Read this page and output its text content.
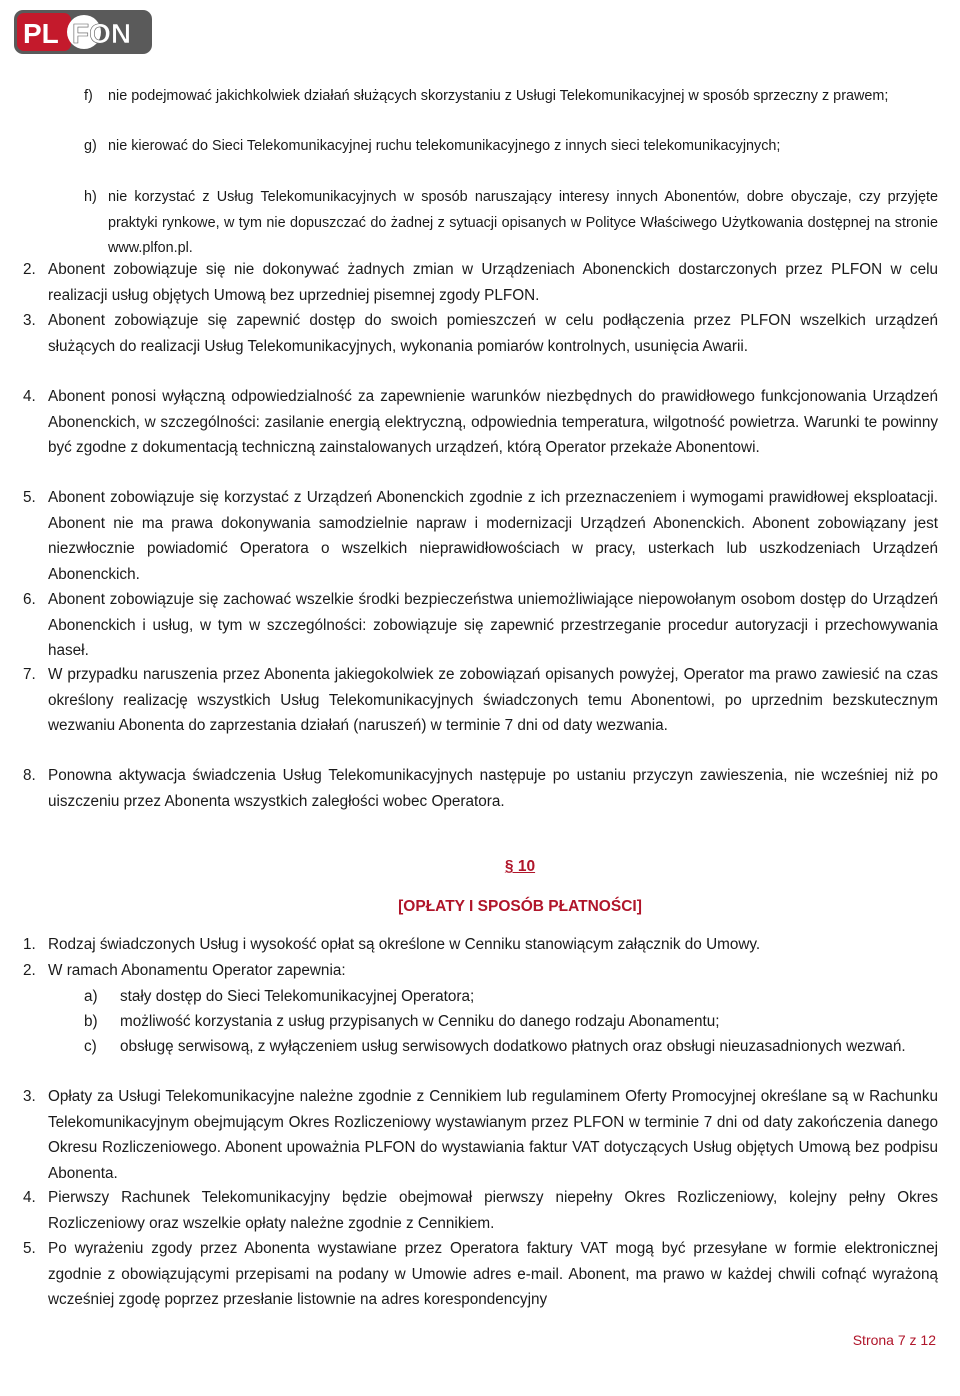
PL FON
f) nie podejmować jakichkolwiek działań służących skorzystaniu z Usługi Telekomunikacyjnej w sposób sprzeczny z prawem;

g) nie kierować do Sieci Telekomunikacyjnej ruchu telekomunikacyjnego z innych sieci telekomunikacyjnych;

h) nie korzystać z Usług Telekomunikacyjnych w sposób naruszający interesy innych Abonentów, dobre obyczaje, czy przyjęte praktyki rynkowe, w tym nie dopuszczać do żadnej z sytuacji opisanych w Polityce Właściwego Użytkowania dostępnej na stronie www.plfon.pl.

2. Abonent zobowiązuje się nie dokonywać żadnych zmian w Urządzeniach Abonenckich dostarczonych przez PLFON w celu realizacji usług objętych Umową bez uprzedniej pisemnej zgody PLFON.

3. Abonent zobowiązuje się zapewnić dostęp do swoich pomieszczeń w celu podłączenia przez PLFON wszelkich urządzeń służących do realizacji Usług Telekomunikacyjnych, wykonania pomiarów kontrolnych, usunięcia Awarii.

4. Abonent ponosi wyłączną odpowiedzialność za zapewnienie warunków niezbędnych do prawidłowego funkcjonowania Urządzeń Abonenckich, w szczególności: zasilanie energią elektryczną, odpowiednia temperatura, wilgotność powietrza. Warunki te powinny być zgodne z dokumentacją techniczną zainstalowanych urządzeń, którą Operator przekaże Abonentowi.

5. Abonent zobowiązuje się korzystać z Urządzeń Abonenckich zgodnie z ich przeznaczeniem i wymogami prawidłowej eksploatacji. Abonent nie ma prawa dokonywania samodzielnie napraw i modernizacji Urządzeń Abonenckich. Abonent zobowiązany jest niezwłocznie powiadomić Operatora o wszelkich nieprawidłowościach w pracy, usterkach lub uszkodzeniach Urządzeń Abonenckich.

6. Abonent zobowiązuje się zachować wszelkie środki bezpieczeństwa uniemożliwiające niepowołanym osobom dostęp do Urządzeń Abonenckich i usług, w tym w szczególności: zobowiązuje się zapewnić przestrzeganie procedur autoryzacji i przechowywania haseł.

7. W przypadku naruszenia przez Abonenta jakiegokolwiek ze zobowiązań opisanych powyżej, Operator ma prawo zawiesić na czas określony realizację wszystkich Usług Telekomunikacyjnych świadczonych temu Abonentowi, po uprzednim bezskutecznym wezwaniu Abonenta do zaprzestania działań (naruszeń) w terminie 7 dni od daty wezwania.

8. Ponowna aktywacja świadczenia Usług Telekomunikacyjnych następuje po ustaniu przyczyn zawieszenia, nie wcześniej niż po uiszczeniu przez Abonenta wszystkich zaległości wobec Operatora.

§ 10
[OPŁATY I SPOSÓB PŁATNOŚCI]
1. Rodzaj świadczonych Usług i wysokość opłat są określone w Cenniku stanowiącym załącznik do Umowy.

2. W ramach Abonamentu Operator zapewnia:

a) stały dostęp do Sieci Telekomunikacyjnej Operatora;

b) możliwość korzystania z usług przypisanych w Cenniku do danego rodzaju Abonamentu;

c) obsługę serwisową, z wyłączeniem usług serwisowych dodatkowo płatnych oraz obsługi nieuzasadnionych wezwań.

3. Opłaty za Usługi Telekomunikacyjne należne zgodnie z Cennikiem lub regulaminem Oferty Promocyjnej określane są w Rachunku Telekomunikacyjnym obejmującym Okres Rozliczeniowy wystawianym przez PLFON w terminie 7 dni od daty zakończenia danego Okresu Rozliczeniowego. Abonent upoważnia PLFON do wystawiania faktur VAT dotyczących Usług objętych Umową bez podpisu Abonenta.

4. Pierwszy Rachunek Telekomunikacyjny będzie obejmował pierwszy niepełny Okres Rozliczeniowy, kolejny pełny Okres Rozliczeniowy oraz wszelkie opłaty należne zgodnie z Cennikiem.

5. Po wyrażeniu zgody przez Abonenta wystawiane przez Operatora faktury VAT mogą być przesyłane w formie elektronicznej zgodnie z obowiązującymi przepisami na podany w Umowie adres e-mail. Abonent, ma prawo w każdej chwili cofnąć wyrażoną wcześniej zgodę poprzez przesłanie listownie na adres korespondencyjny

Strona 7 z 12
